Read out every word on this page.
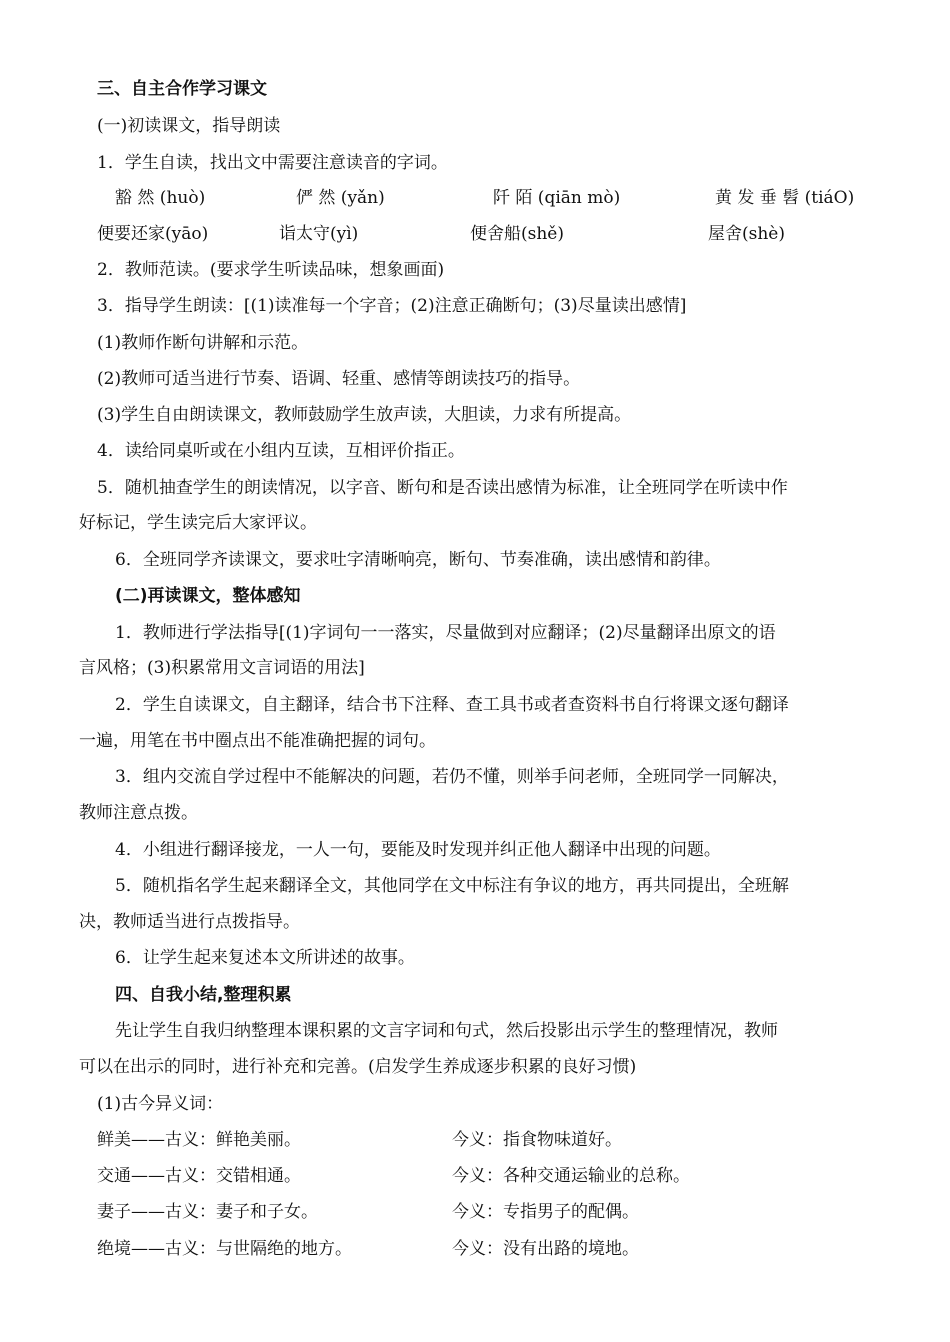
三、自主合作学习课文
(一)初读课文，指导朗读
1．学生自读，找出文中需要注意读音的字词。
豁 然 (huò)	俨 然 (yǎn)	阡 陌 (qiān mò)	黄 发 垂 髫 (tiáO)
便要还家(yāo)	诣太守(yì)	便舍船(shě)	屋舍(shè)
2．教师范读。(要求学生听读品味，想象画面)
3．指导学生朗读：[(1)读准每一个字音；(2)注意正确断句；(3)尽量读出感情]
(1)教师作断句讲解和示范。
(2)教师可适当进行节奏、语调、轻重、感情等朗读技巧的指导。
(3)学生自由朗读课文，教师鼓励学生放声读，大胆读，力求有所提高。
4．读给同桌听或在小组内互读，互相评价指正。
5．随机抽查学生的朗读情况，以字音、断句和是否读出感情为标准，让全班同学在听读中作
好标记，学生读完后大家评议。
6．全班同学齐读课文，要求吐字清晰响亮，断句、节奏准确，读出感情和韵律。
(二)再读课文，整体感知
1．教师进行学法指导[(1)字词句一一落实，尽量做到对应翻译；(2)尽量翻译出原文的语
言风格；(3)积累常用文言词语的用法]
2．学生自读课文，自主翻译，结合书下注释、查工具书或者查资料书自行将课文逐句翻译
一遍，用笔在书中圈点出不能准确把握的词句。
3．组内交流自学过程中不能解决的问题，若仍不懂，则举手问老师，全班同学一同解决，
教师注意点拨。
4．小组进行翻译接龙，一人一句，要能及时发现并纠正他人翻译中出现的问题。
5．随机指名学生起来翻译全文，其他同学在文中标注有争议的地方，再共同提出，全班解
决，教师适当进行点拨指导。
6．让学生起来复述本文所讲述的故事。
四、自我小结,整理积累
先让学生自我归纳整理本课积累的文言字词和句式，然后投影出示学生的整理情况，教师
可以在出示的同时，进行补充和完善。(启发学生养成逐步积累的良好习惯)
(1)古今异义词：
鲜美——古义：鲜艳美丽。	今义：指食物味道好。
交通——古义：交错相通。	今义：各种交通运输业的总称。
妻子——古义：妻子和子女。	今义：专指男子的配偶。
绝境——古义：与世隔绝的地方。	今义：没有出路的境地。
